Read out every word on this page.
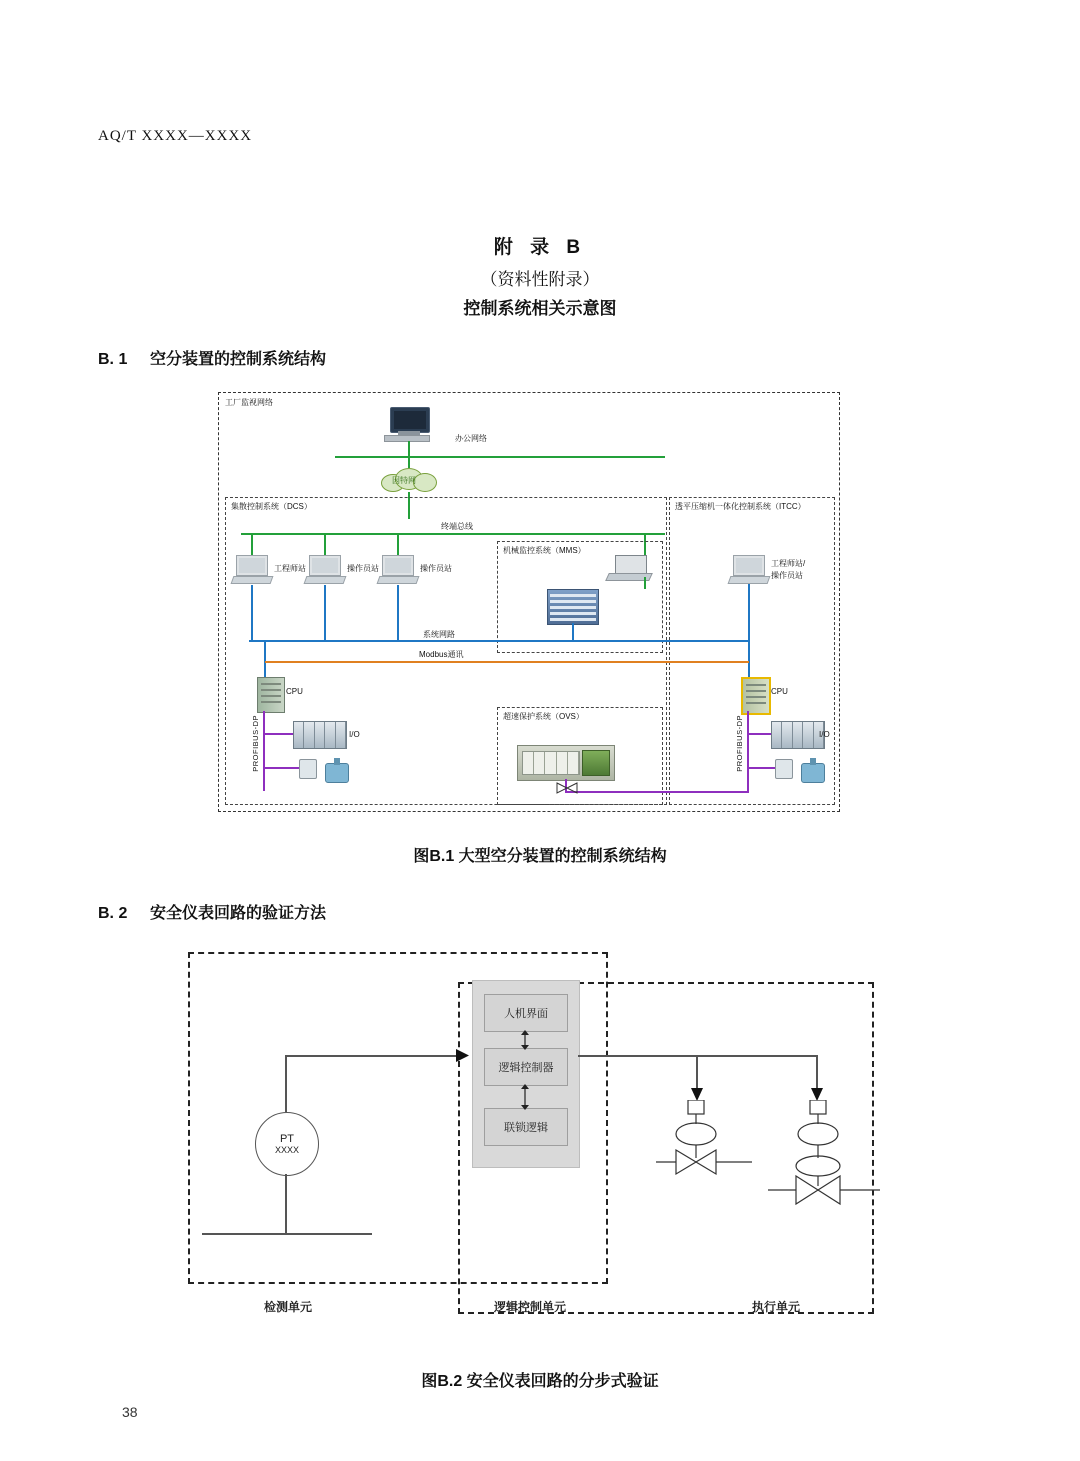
AQ/T XXXX—XXXX
附 录 B
（资料性附录）
控制系统相关示意图
B. 1 空分装置的控制系统结构
工厂监视网络
办公网络
因特网
集散控制系统（DCS）	透平压缩机一体化控制系统（ITCC）
终端总线
工程师站	操作员站	操作员站
机械监控系统（MMS）
系统网路
工程师站/
操作员站
Modbus通讯
CPU	CPU
PROFIBUS-DP	I/O	PROFIBUS-DP	I/O
超速保护系统（OVS）
图B.1 大型空分装置的控制系统结构
B. 2 安全仪表回路的验证方法
PT
XXXX
人机界面
逻辑控制器
联锁逻辑
检测单元	逻辑控制单元	执行单元
图B.2 安全仪表回路的分步式验证
38
